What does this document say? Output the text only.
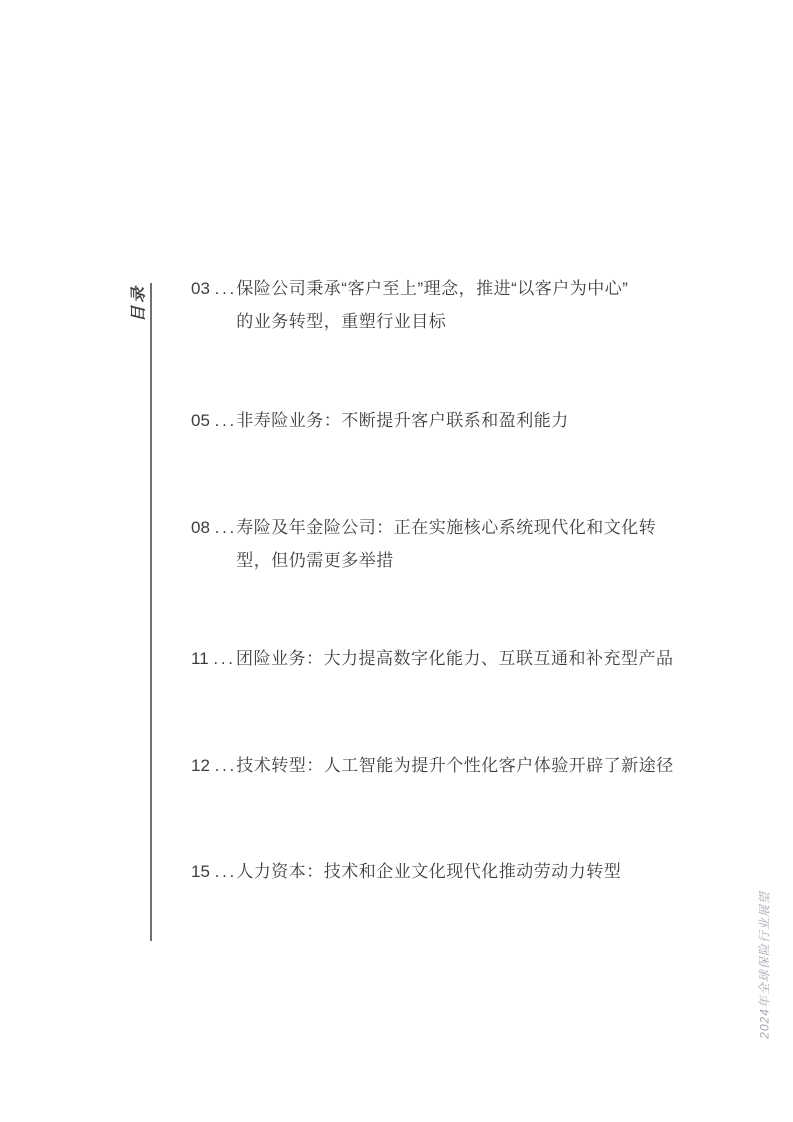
目录	03 . . . 保险公司秉承“客户至上”理念，推进“以客户为中心”
的业务转型，重塑行业目标
05 . . . 非寿险业务：不断提升客户联系和盈利能力
08 . . . 寿险及年金险公司：正在实施核心系统现代化和文化转
型，但仍需更多举措
11 . . . 团险业务：大力提高数字化能力、互联互通和补充型产品
12 . . . 技术转型：人工智能为提升个性化客户体验开辟了新途径
15 . . . 人力资本：技术和企业文化现代化推动劳动力转型
2024年全球保险行业展望
